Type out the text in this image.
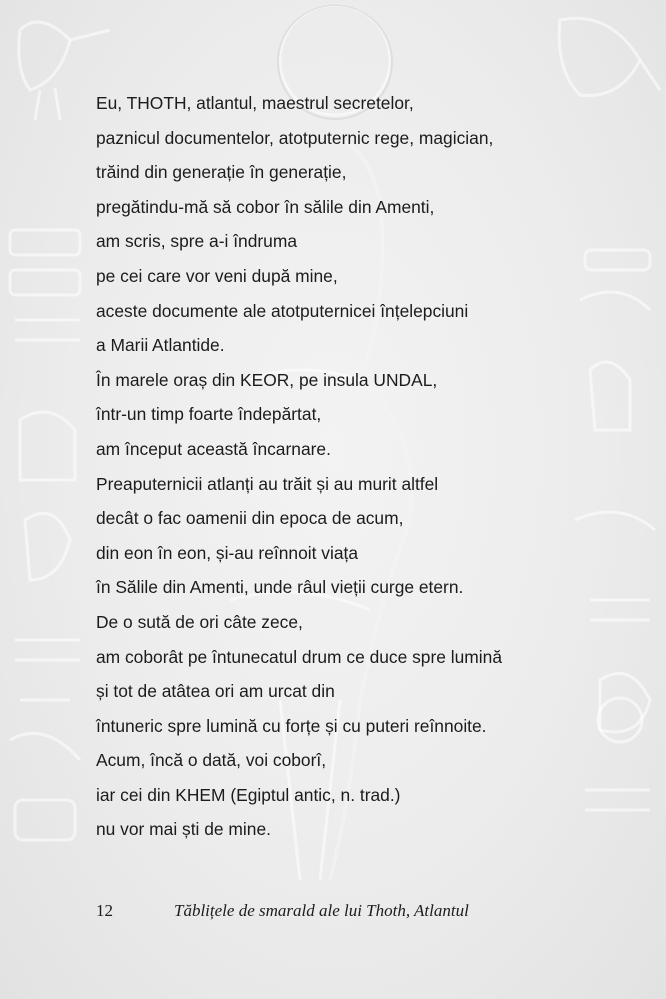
Eu, THOTH, atlantul, maestrul secretelor,
paznicul documentelor, atotputernic rege, magician,
trăind din generație în generație,
pregătindu-mă să cobor în sălile din Amenti,
am scris, spre a-i îndruma
pe cei care vor veni după mine,
aceste documente ale atotputernicei înțelepciuni
a Marii Atlantide.
În marele oraș din KEOR, pe insula UNDAL,
într-un timp foarte îndepărtat,
am început această încarnare.
Preaputernicii atlanți au trăit și au murit altfel
decât o fac oamenii din epoca de acum,
din eon în eon, și-au reînnoit viața
în Sălile din Amenti, unde râul vieții curge etern.
De o sută de ori câte zece,
am coborât pe întunecatul drum ce duce spre lumină
și tot de atâtea ori am urcat din
întuneric spre lumină cu forțe și cu puteri reînnoite.
Acum, încă o dată, voi coborî,
iar cei din KHEM (Egiptul antic, n. trad.)
nu vor mai ști de mine.
12	Tăblițele de smarald ale lui Thoth, Atlantul
